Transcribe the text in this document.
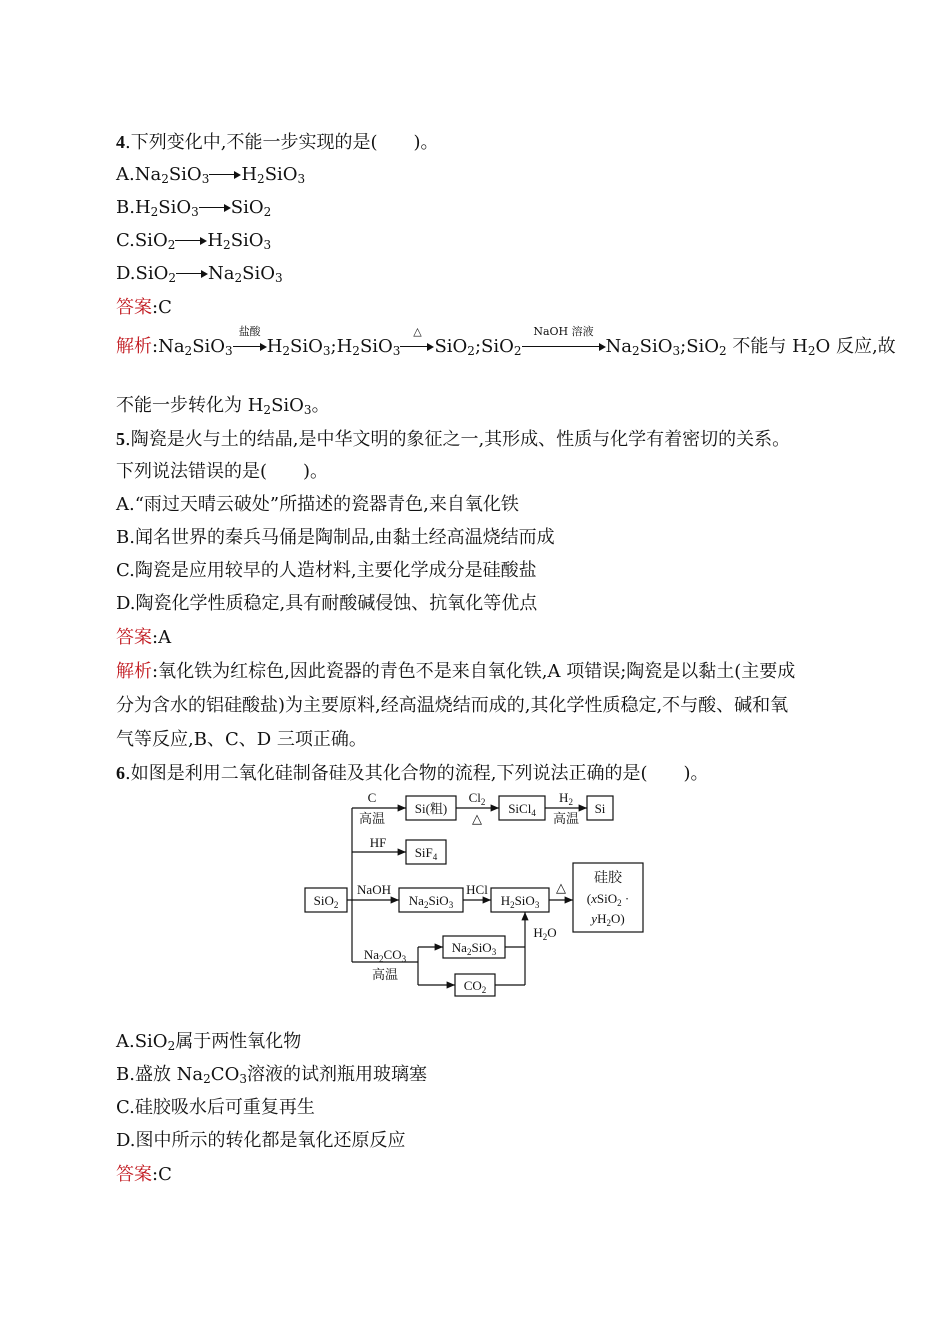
4.下列变化中,不能一步实现的是(　　)。
$A.Na_2SiO_3$ $H_2SiO_3$
$B.H_2SiO_3$ SiO$_2$
C.SiO$_2$ $H_2SiO_3$
D.SiO$_2$ $Na_2SiO_3$
答案:C
解析$:Na_2SiO_3$
盐酸
$H_2SiO_3;H_2SiO_3$
△
SiO$_2$;SiO$_2$
NaOH 溶液
$Na_2SiO_3;SiO_2$ 不能与 $H_2O$ 反应,故
不能一步转化为 $H_2SiO_3$。
5.陶瓷是火与土的结晶,是中华文明的象征之一,其形成、性质与化学有着密切的关系。
下列说法错误的是(　　)。
A.“雨过天晴云破处”所描述的瓷器青色,来自氧化铁
B.闻名世界的秦兵马俑是陶制品,由黏土经高温烧结而成
C.陶瓷是应用较早的人造材料,主要化学成分是硅酸盐
D.陶瓷化学性质稳定,具有耐酸碱侵蚀、抗氧化等优点
答案:A
解析:氧化铁为红棕色,因此瓷器的青色不是来自氧化铁,A 项错误;陶瓷是以黏土(主要成
分为含水的铝硅酸盐)为主要原料,经高温烧结而成的,其化学性质稳定,不与酸、碱和氧
气等反应,B、C、D 三项正确。
6.如图是利用二氧化硅制备硅及其化合物的流程,下列说法正确的是(　　)。
C
高温
Si(粗)
$Cl_2$
△
SiCl$_4$
$H_2$
高温
Si
HF
SiF$_4$
SiO$_2$
NaOH
$Na_2SiO_3$
HCl
$H_2SiO_3$
△
硅胶
(xSiO$_2$ ·
$yH_2O$)
$Na_2CO_3$
高温
$Na_2SiO_3$
$CO_2$
$H_2O$
A.SiO$_2$属于两性氧化物
B.盛放 $Na_2CO_3$溶液的试剂瓶用玻璃塞
C.硅胶吸水后可重复再生
D.图中所示的转化都是氧化还原反应
答案:C
